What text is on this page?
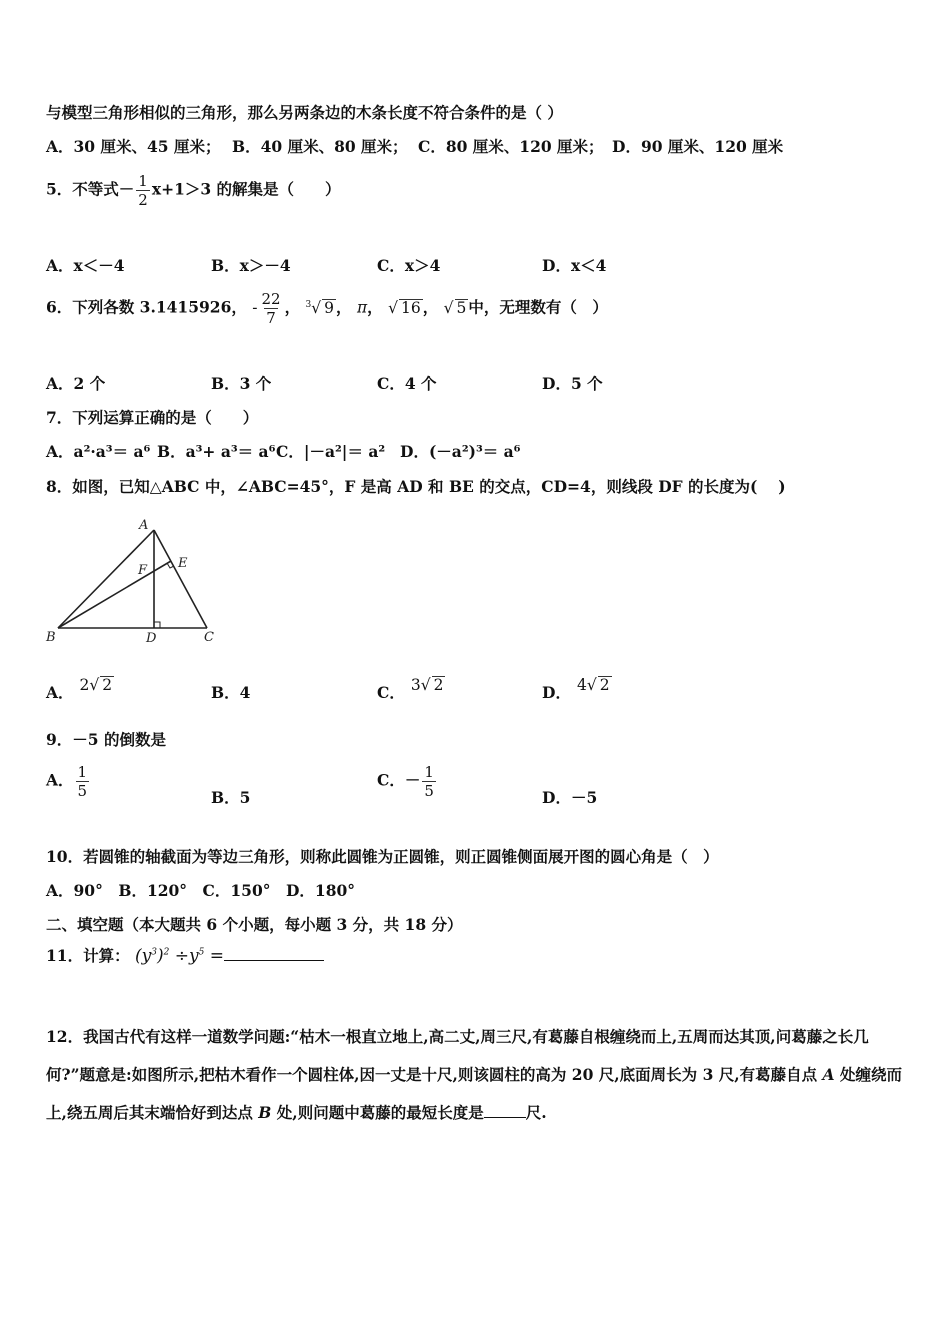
与模型三角形相似的三角形，那么另两条边的木条长度不符合条件的是（ ）
A．30 厘米、45 厘米； B．40 厘米、80 厘米； C．80 厘米、120 厘米； D．90 厘米、120 厘米
5．不等式－ $\frac{1}{2} x+1>3$ 的解集是（　　）
A．x＜－4	B．x＞－4	C．x＞4	D．x＜4
6．下列各数 3.1415926， - $\frac{22}{7}$ ， $^3$√ 9 ， π， √ 16 ， √ 5 中，无理数有（　）
A．2 个	B．3 个	C．4 个	D．5 个
7．下列运算正确的是（　　）
A．a²·a³＝ a⁶ B．a³+ a³＝ a⁶ C．|－a²|＝ a² D．(－a²)³＝ a⁶
8．如图，已知△ABC 中，∠ABC=45°，F 是高 AD 和 BE 的交点，CD=4，则线段 DF 的长度为(　 )
A
E
F
B	D	C
A． 2√ 2	B．4	C． 3√ 2	D． 4√ 2
9．－5 的倒数是
A． $\frac{1}{5}$	B．5
C．－ $\frac{1}{5}$	D．－5
10．若圆锥的轴截面为等边三角形，则称此圆锥为正圆锥，则正圆锥侧面展开图的圆心角是（　）
A．90°　B．120°　C．150°　D．180°
二、填空题（本大题共 6 个小题，每小题 3 分，共 18 分）
11．计算： $(y^3)^2 \div y^5$ =
12．我国古代有这样一道数学问题:“枯木一根直立地上,高二丈,周三尺,有葛藤自根缠绕而上,五周而达其顶,问葛藤之长几何?”题意是:如图所示,把枯木看作一个圆柱体,因一丈是十尺,则该圆柱的高为 20 尺,底面周长为 3 尺,有葛藤自点 A 处缠绕而上,绕五周后其末端恰好到达点 B 处,则问题中葛藤的最短长度是	尺.
